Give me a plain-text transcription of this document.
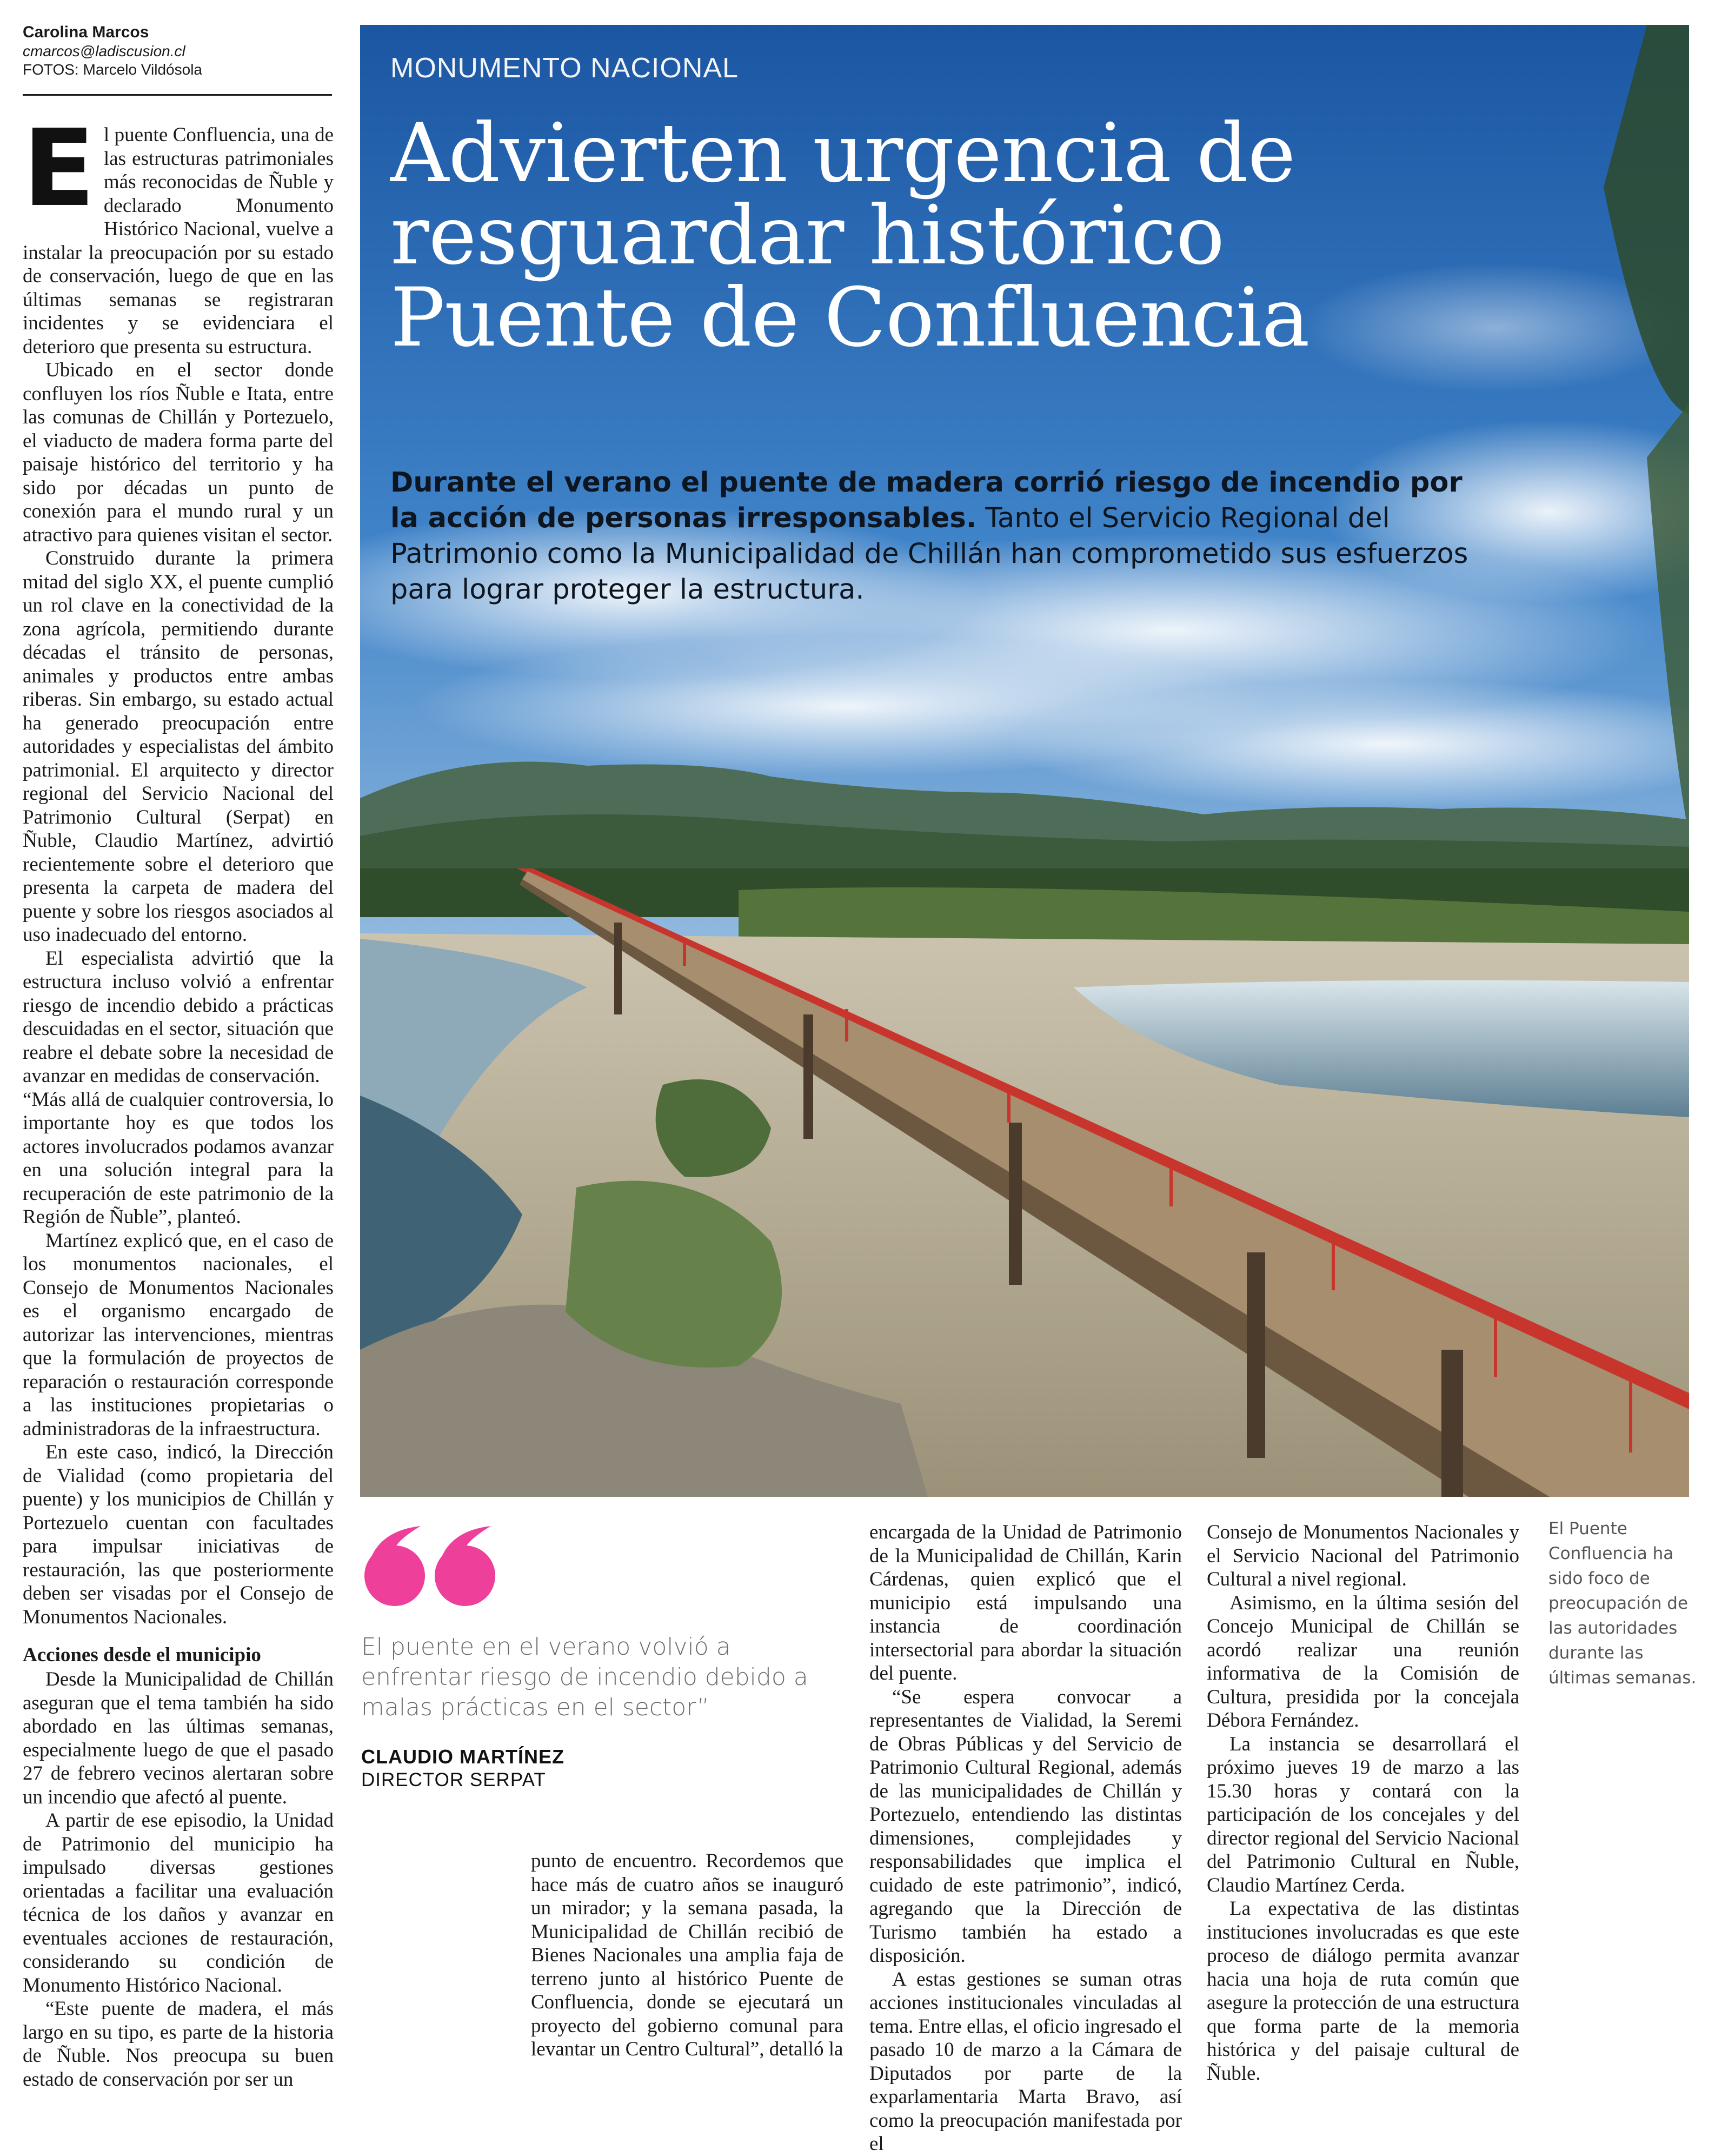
Carolina Marcos
cmarcos@ladiscusion.cl
FOTOS: Marcelo Vildósola
E l puente Confluencia, una de las estructuras patrimoniales más reconocidas de Ñuble y declarado Monumento Histórico Nacional, vuelve a instalar la preocupación por su estado de conservación, luego de que en las últimas semanas se registraran incidentes y se evidenciara el deterioro que presenta su estructura.

Ubicado en el sector donde confluyen los ríos Ñuble e Itata, entre las comunas de Chillán y Portezuelo, el viaducto de madera forma parte del paisaje histórico del territorio y ha sido por décadas un punto de conexión para el mundo rural y un atractivo para quienes visitan el sector.

Construido durante la primera mitad del siglo XX, el puente cumplió un rol clave en la conectividad de la zona agrícola, permitiendo durante décadas el tránsito de personas, animales y productos entre ambas riberas. Sin embargo, su estado actual ha generado preocupación entre autoridades y especialistas del ámbito patrimonial. El arquitecto y director regional del Servicio Nacional del Patrimonio Cultural (Serpat) en Ñuble, Claudio Martínez, advirtió recientemente sobre el deterioro que presenta la carpeta de madera del puente y sobre los riesgos asociados al uso inadecuado del entorno.

El especialista advirtió que la estructura incluso volvió a enfrentar riesgo de incendio debido a prácticas descuidadas en el sector, situación que reabre el debate sobre la necesidad de avanzar en medidas de conservación.

“Más allá de cualquier controversia, lo importante hoy es que todos los actores involucrados podamos avanzar en una solución integral para la recuperación de este patrimonio de la Región de Ñuble”, planteó.

Martínez explicó que, en el caso de los monumentos nacionales, el Consejo de Monumentos Nacionales es el organismo encargado de autorizar las intervenciones, mientras que la formulación de proyectos de reparación o restauración corresponde a las instituciones propietarias o administradoras de la infraestructura.

En este caso, indicó, la Dirección de Vialidad (como propietaria del puente) y los municipios de Chillán y Portezuelo cuentan con facultades para impulsar iniciativas de restauración, las que posteriormente deben ser visadas por el Consejo de Monumentos Nacionales.

Acciones desde el municipio

Desde la Municipalidad de Chillán aseguran que el tema también ha sido abordado en las últimas semanas, especialmente luego de que el pasado 27 de febrero vecinos alertaran sobre un incendio que afectó al puente.

A partir de ese episodio, la Unidad de Patrimonio del municipio ha impulsado diversas gestiones orientadas a facilitar una evaluación técnica de los daños y avanzar en eventuales acciones de restauración, considerando su condición de Monumento Histórico Nacional.

“Este puente de madera, el más largo en su tipo, es parte de la historia de Ñuble. Nos preocupa su buen estado de conservación por ser un

MONUMENTO NACIONAL
Advierten urgencia de
resguardar histórico
Puente de Confluencia
Durante el verano el puente de madera corrió riesgo de incendio por la acción de personas irresponsables. Tanto el Servicio Regional del Patrimonio como la Municipalidad de Chillán han comprometido sus esfuerzos para lograr proteger la estructura.
El puente en el verano volvió a enfrentar riesgo de incendio debido a malas prácticas en el sector”
CLAUDIO MARTÍNEZ
DIRECTOR SERPAT

punto de encuentro. Recordemos que hace más de cuatro años se inauguró un mirador; y la semana pasada, la Municipalidad de Chillán recibió de Bienes Nacionales una amplia faja de terreno junto al histórico Puente de Confluencia, donde se ejecutará un proyecto del gobierno comunal para levantar un Centro Cultural”, detalló la

encargada de la Unidad de Patrimonio de la Municipalidad de Chillán, Karin Cárdenas, quien explicó que el municipio está impulsando una instancia de coordinación intersectorial para abordar la situación del puente.

“Se espera convocar a representantes de Vialidad, la Seremi de Obras Públicas y del Servicio de Patrimonio Cultural Regional, además de las municipalidades de Chillán y Portezuelo, entendiendo las distintas dimensiones, complejidades y responsabilidades que implica el cuidado de este patrimonio”, indicó, agregando que la Dirección de Turismo también ha estado a disposición.

A estas gestiones se suman otras acciones institucionales vinculadas al tema. Entre ellas, el oficio ingresado el pasado 10 de marzo a la Cámara de Diputados por parte de la exparlamentaria Marta Bravo, así como la preocupación manifestada por el

Consejo de Monumentos Nacionales y el Servicio Nacional del Patrimonio Cultural a nivel regional.

Asimismo, en la última sesión del Concejo Municipal de Chillán se acordó realizar una reunión informativa de la Comisión de Cultura, presidida por la concejala Débora Fernández.

La instancia se desarrollará el próximo jueves 19 de marzo a las 15.30 horas y contará con la participación de los concejales y del director regional del Servicio Nacional del Patrimonio Cultural en Ñuble, Claudio Martínez Cerda.

La expectativa de las distintas instituciones involucradas es que este proceso de diálogo permita avanzar hacia una hoja de ruta común que asegure la protección de una estructura que forma parte de la memoria histórica y del paisaje cultural de Ñuble.

El Puente Confluencia ha sido foco de preocupación de las autoridades durante las últimas semanas.
